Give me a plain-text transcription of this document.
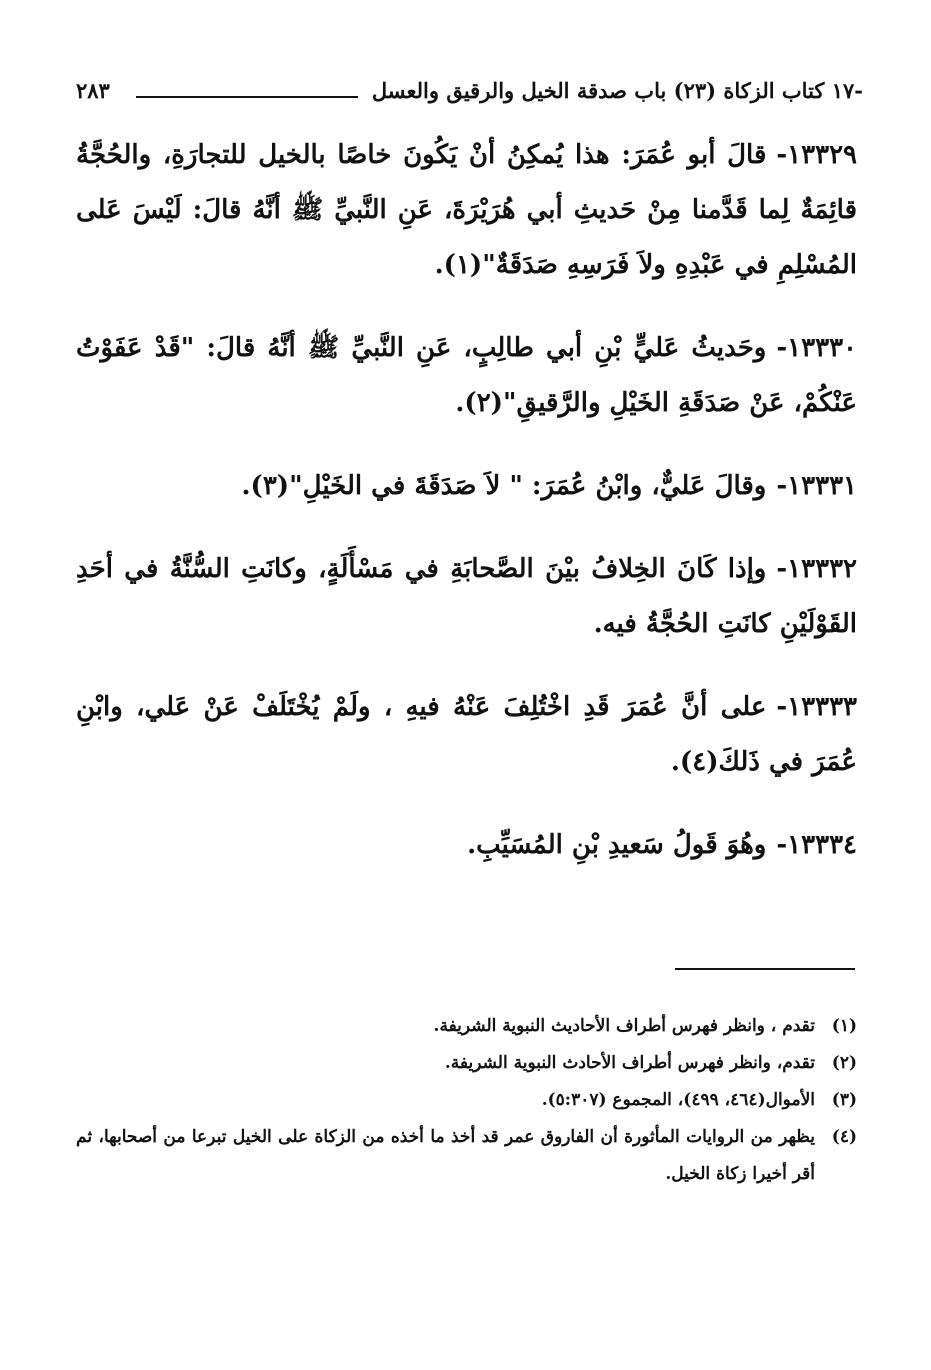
-١٧ كتاب الزكاة (٢٣) باب صدقة الخيل والرقيق والعسل
٢٨٣

١٣٣٢٩-قالَ أبو عُمَرَ: هذا يُمكِنُ أنْ يَكُونَ خاصًا بالخيل للتجارَةِ، والحُجَّةُ قائِمَةٌ لِما قَدَّمنا مِنْ حَديثِ أبي هُرَيْرَةَ، عَنِ النَّبيِّ ﷺ أنَّهُ قالَ: لَيْسَ عَلى المُسْلِمِ في عَبْدِهِ ولاَ فَرَسِهِ صَدَقَةٌ"(١).

١٣٣٣٠-وحَديثُ عَليٍّ بْنِ أبي طالِبٍ، عَنِ النَّبيِّ ﷺ أنَّهُ قالَ: "قَدْ عَفَوْتُ عَنْكُمْ، عَنْ صَدَقَةِ الخَيْلِ والرَّقيقِ"(٢).

١٣٣٣١-وقالَ عَليٌّ، وابْنُ عُمَرَ: " لاَ صَدَقَةَ في الخَيْلِ"(٣).

١٣٣٣٢-وإذا كَانَ الخِلافُ بيْنَ الصَّحابَةِ في مَسْأَلَةٍ، وكانَتِ السُّنَّةُ في أحَدِ القَوْلَيْنِ كانَتِ الحُجَّةُ فيه.

١٣٣٣٣-على أنَّ عُمَرَ قَدِ اخْتُلِفَ عَنْهُ فيهِ ، ولَمْ يُخْتَلَفْ عَنْ عَلي، وابْنِ عُمَرَ في ذَلكَ(٤).

١٣٣٣٤-وهُوَ قَولُ سَعيدِ بْنِ المُسَيِّبِ.

(١)
تقدم ، وانظر فهرس أطراف الأحاديث النبوية الشريفة.
(٢)
تقدم، وانظر فهرس أطراف الأحادث النبوية الشريفة.
(٣)
الأموال(٤٦٤، ٤٩٩)، المجموع (٥:٣٠٧).
(٤)
يظهر من الروايات المأثورة أن الفاروق عمر قد أخذ ما أخذه من الزكاة على الخيل تبرعا من أصحابها، ثم أقر أخيرا زكاة الخيل.
